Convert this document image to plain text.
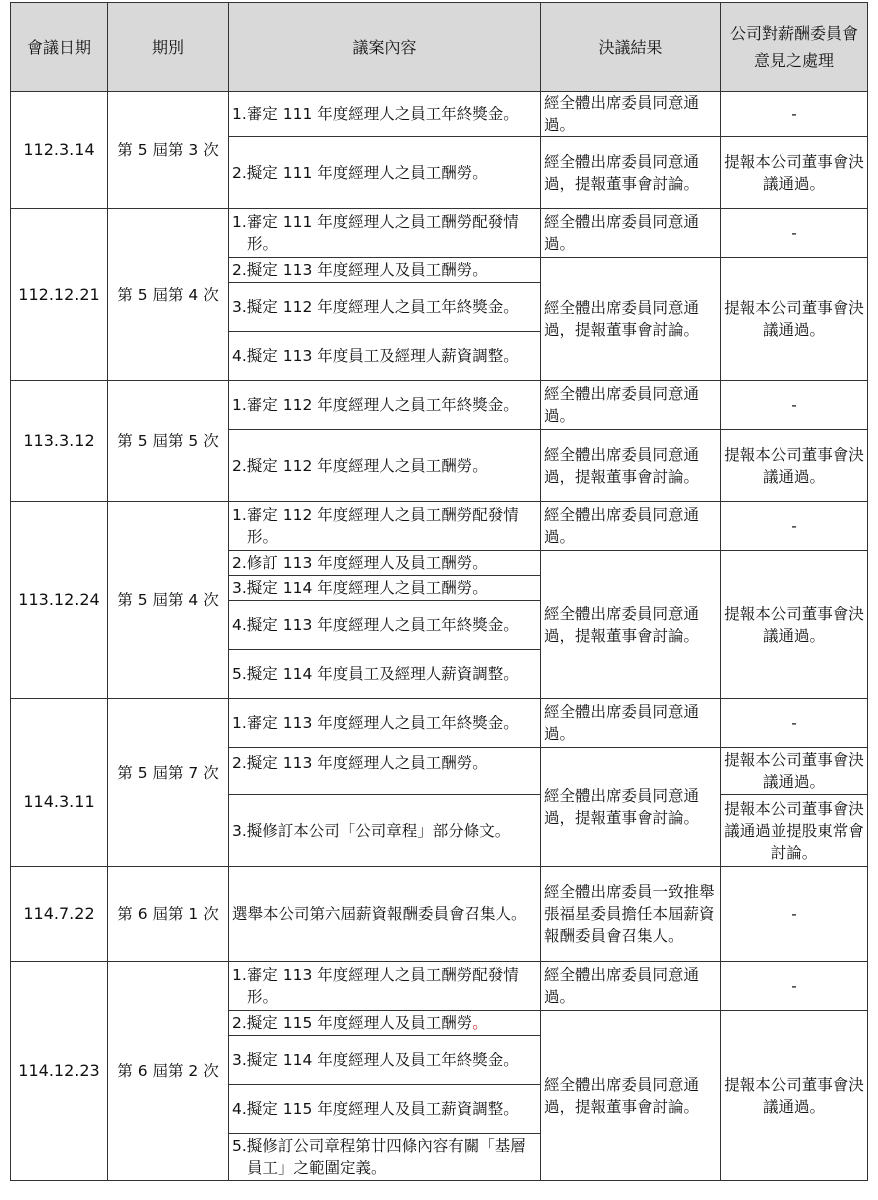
會議日期	期別	議案內容	決議結果	公司對薪酬委員會意見之處理
112.3.14	第 5 屆第 3 次	1.審定 111 年度經理人之員工年終獎金。	經全體出席委員同意通過。	-

		2.擬定 111 年度經理人之員工酬勞。	經全體出席委員同意通過，提報董事會討論。	提報本公司董事會決議通過。
112.12.21	第 5 屆第 4 次	1.審定 111 年度經理人之員工酬勞配發情形。	經全體出席委員同意通過。	-

		2.擬定 113 年度經理人及員工酬勞。	經全體出席委員同意通過，提報董事會討論。	提報本公司董事會決議通過。

		3.擬定 112 年度經理人之員工年終獎金。		

		4.擬定 113 年度員工及經理人薪資調整。		

113.3.12	第 5 屆第 5 次	1.審定 112 年度經理人之員工年終獎金。	經全體出席委員同意通過。	-

		2.擬定 112 年度經理人之員工酬勞。	經全體出席委員同意通過，提報董事會討論。	提報本公司董事會決議通過。
113.12.24	第 5 屆第 4 次	1.審定 112 年度經理人之員工酬勞配發情形。	經全體出席委員同意通過。	-

		2.修訂 113 年度經理人及員工酬勞。	經全體出席委員同意通過，提報董事會討論。	提報本公司董事會決議通過。

		3.擬定 114 年度經理人之員工酬勞。		

		4.擬定 113 年度經理人之員工年終獎金。		

		5.擬定 114 年度員工及經理人薪資調整。		

114.3.11	第 5 屆第 7 次	1.審定 113 年度經理人之員工年終獎金。	經全體出席委員同意通過。	-

		2.擬定 113 年度經理人之員工酬勞。	經全體出席委員同意通過，提報董事會討論。	提報本公司董事會決議通過。

		3.擬修訂本公司「公司章程」部分條文。		提報本公司董事會決議通過並提股東常會討論。
114.7.22	第 6 屆第 1 次	選舉本公司第六屆薪資報酬委員會召集人。	經全體出席委員一致推舉張福星委員擔任本屆薪資報酬委員會召集人。	-
114.12.23	第 6 屆第 2 次	1.審定 113 年度經理人之員工酬勞配發情形。	經全體出席委員同意通過。	-

		2.擬定 115 年度經理人及員工酬勞。	經全體出席委員同意通過，提報董事會討論。	提報本公司董事會決議通過。

		3.擬定 114 年度經理人及員工年終獎金。		

		4.擬定 115 年度經理人及員工薪資調整。		

		5.擬修訂公司章程第廿四條內容有關「基層員工」之範圍定義。		
